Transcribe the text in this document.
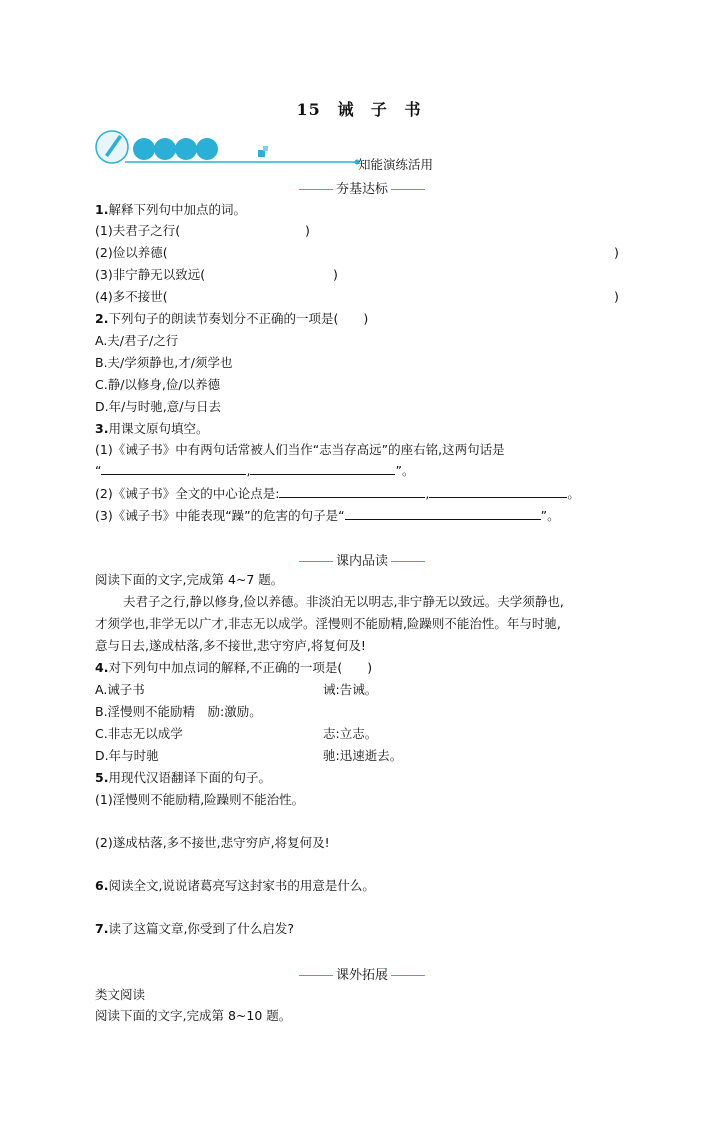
15 诫 子 书
知能演练活用
夯基达标
1.解释下列句中加点的词。
(1)夫君子之行(	)
(2)俭以养德(	)
(3)非宁静无以致远(	)
(4)多不接世(	)
2.下列句子的朗读节奏划分不正确的一项是(　　)
A.夫/君子/之行
B.夫/学须静也,才/须学也
C.静/以修身,俭/以养德
D.年/与时驰,意/与日去
3.用课文原句填空。
(1)《诫子书》中有两句话常被人们当作“志当存高远”的座右铭,这两句话是
“	,	”。
(2)《诫子书》全文的中心论点是:	,	。
(3)《诫子书》中能表现“躁”的危害的句子是“	”。
课内品读
阅读下面的文字,完成第 4~7 题。
夫君子之行,静以修身,俭以养德。非淡泊无以明志,非宁静无以致远。夫学须静也,
才须学也,非学无以广才,非志无以成学。淫慢则不能励精,险躁则不能治性。年与时驰,
意与日去,遂成枯落,多不接世,悲守穷庐,将复何及!
4.对下列句中加点词的解释,不正确的一项是(　　)
A.诫子书	诫:告诫。
B.淫慢则不能励精　励:激励。
C.非志无以成学	志:立志。
D.年与时驰	驰:迅速逝去。
5.用现代汉语翻译下面的句子。
(1)淫慢则不能励精,险躁则不能治性。
(2)遂成枯落,多不接世,悲守穷庐,将复何及!
6.阅读全文,说说诸葛亮写这封家书的用意是什么。
7.读了这篇文章,你受到了什么启发?
课外拓展
类文阅读
阅读下面的文字,完成第 8~10 题。
